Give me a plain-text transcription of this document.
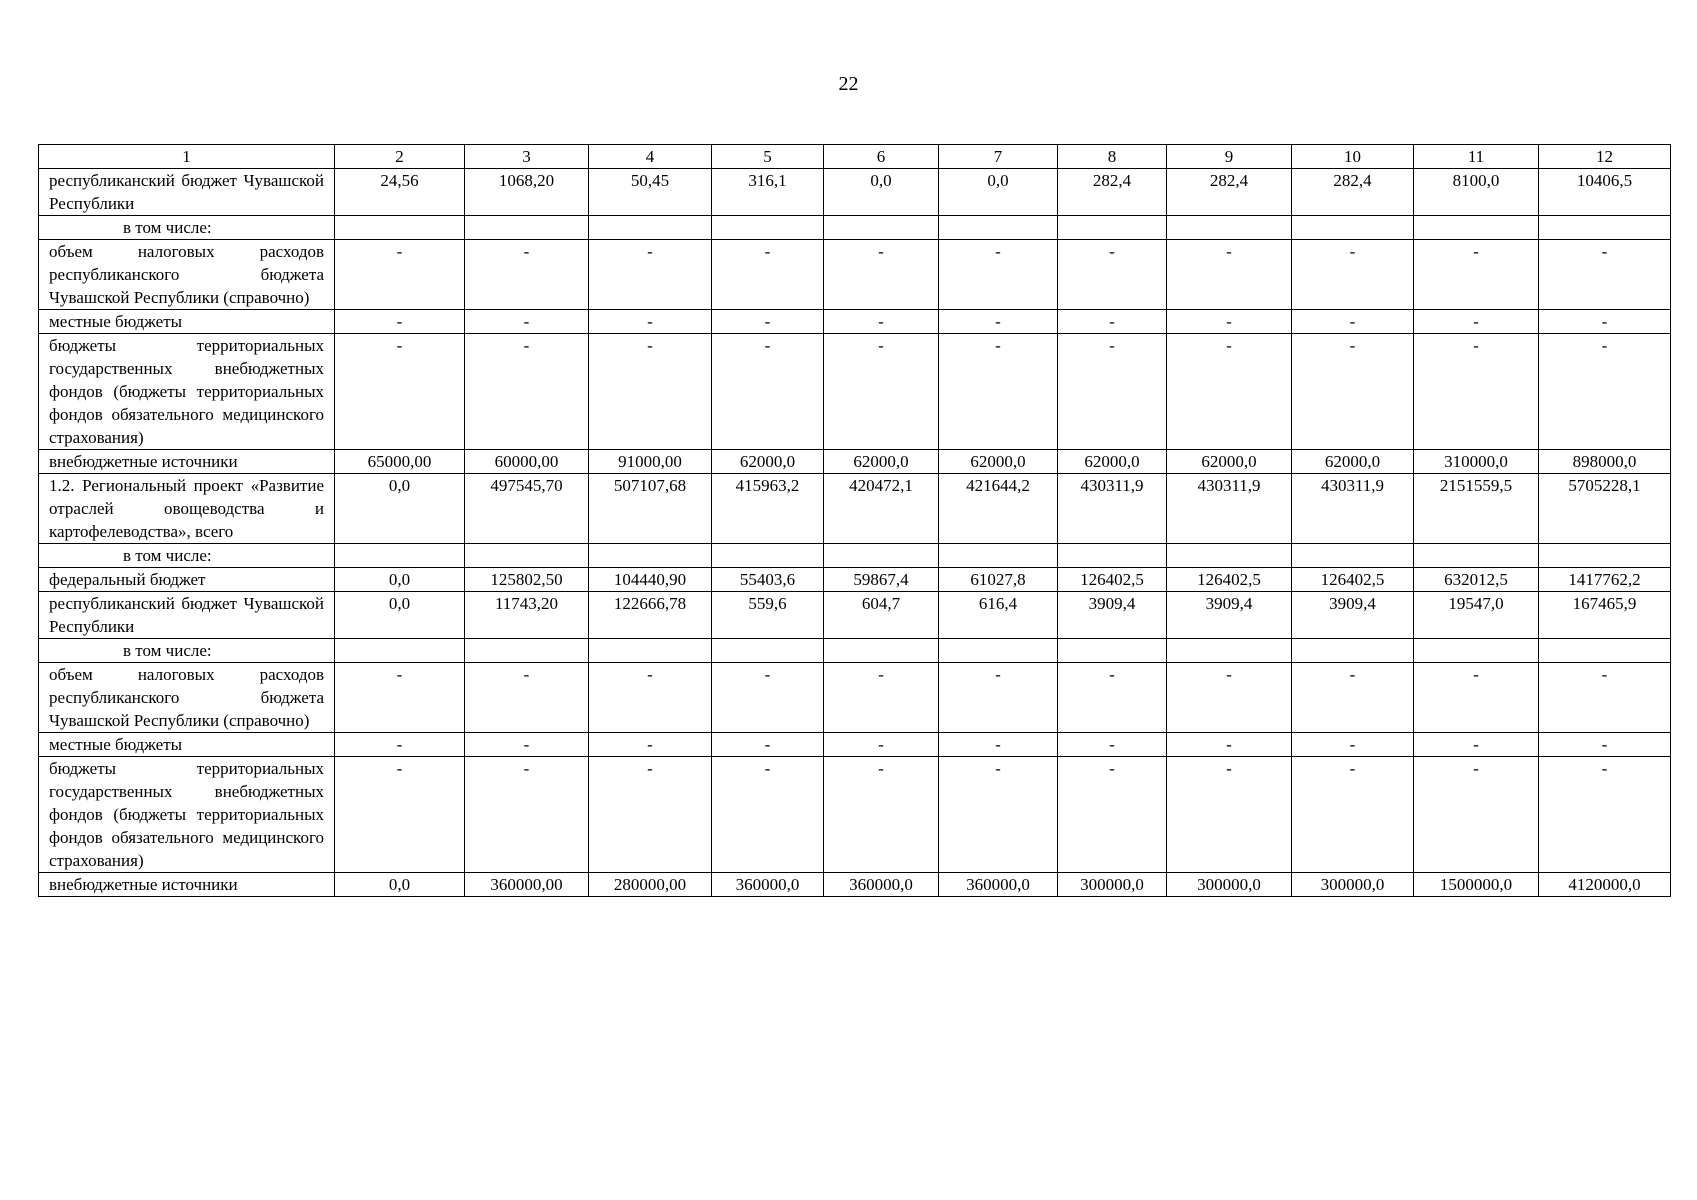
22
1	2	3	4	5	6	7	8	9	10	11	12
республиканский бюджет Чувашской Республики	24,56	1068,20	50,45	316,1	0,0	0,0	282,4	282,4	282,4	8100,0	10406,5
в том числе:											
объем налоговых расходов республиканского бюджета Чувашской Республики (справочно)	-	-	-	-	-	-	-	-	-	-	-
местные бюджеты	-	-	-	-	-	-	-	-	-	-	-
бюджеты территориальных государственных внебюджетных фондов (бюджеты территориальных фондов обязательного медицинского страхования)	-	-	-	-	-	-	-	-	-	-	-
внебюджетные источники	65000,00	60000,00	91000,00	62000,0	62000,0	62000,0	62000,0	62000,0	62000,0	310000,0	898000,0
1.2. Региональный проект «Развитие отраслей овощеводства и картофелеводства», всего	0,0	497545,70	507107,68	415963,2	420472,1	421644,2	430311,9	430311,9	430311,9	2151559,5	5705228,1
в том числе:											
федеральный бюджет	0,0	125802,50	104440,90	55403,6	59867,4	61027,8	126402,5	126402,5	126402,5	632012,5	1417762,2
республиканский бюджет Чувашской Республики	0,0	11743,20	122666,78	559,6	604,7	616,4	3909,4	3909,4	3909,4	19547,0	167465,9
в том числе:											
объем налоговых расходов республиканского бюджета Чувашской Республики (справочно)	-	-	-	-	-	-	-	-	-	-	-
местные бюджеты	-	-	-	-	-	-	-	-	-	-	-
бюджеты территориальных государственных внебюджетных фондов (бюджеты территориальных фондов обязательного медицинского страхования)	-	-	-	-	-	-	-	-	-	-	-
внебюджетные источники	0,0	360000,00	280000,00	360000,0	360000,0	360000,0	300000,0	300000,0	300000,0	1500000,0	4120000,0
